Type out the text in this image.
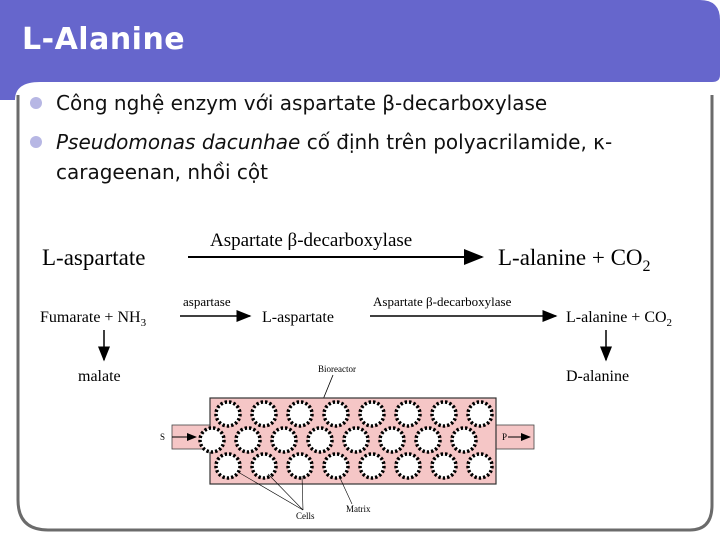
L-Alanine
Công nghệ enzym với aspartate β-decarboxylase
Pseudomonas dacunhae cố định trên polyacrilamide, κ-
carageenan, nhồi cột
L-aspartate
Aspartate β-decarboxylase
L-alanine + $CO_2$
Fumarate + $NH_3$
aspartase
L-aspartate
Aspartate β-decarboxylase
L-alanine + $CO_2$
malate	D-alanine
Bioreactor
S	P
Cells
Matrix
